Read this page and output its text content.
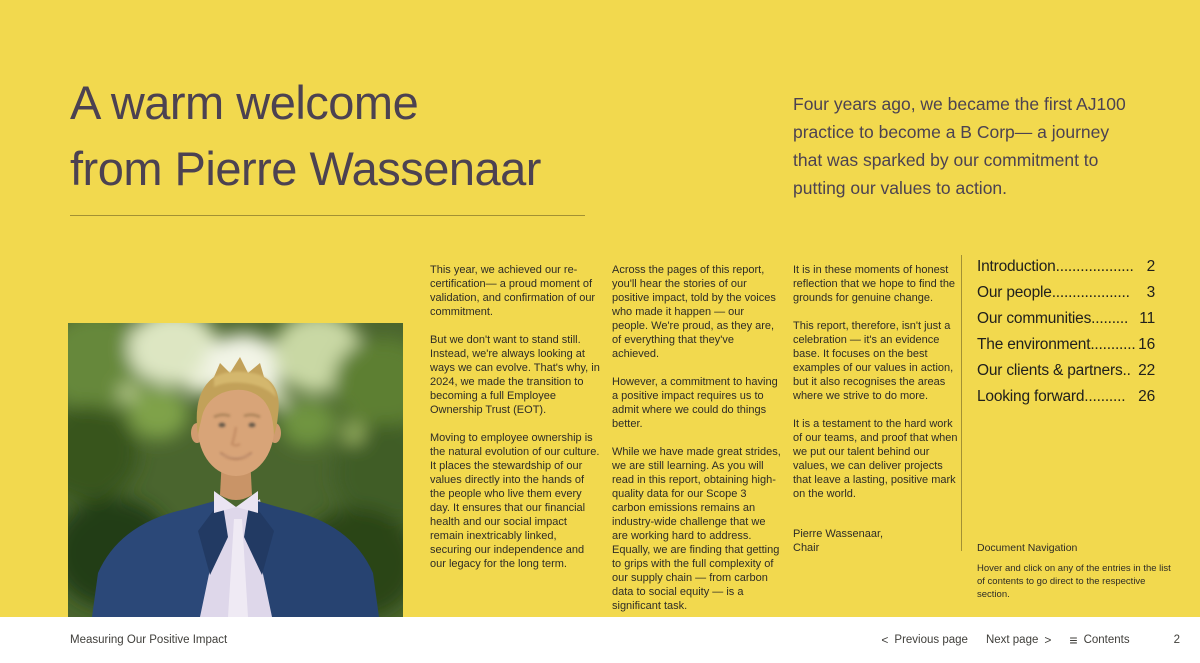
A warm welcome
from Pierre Wassenaar
Four years ago, we became the first AJ100 practice to become a B Corp— a journey that was sparked by our commitment to putting our values to action.

This year, we achieved our re-certification— a proud moment of validation, and confirmation of our commitment.

But we don't want to stand still. Instead, we're always looking at ways we can evolve. That's why, in 2024, we made the transition to becoming a full Employee Ownership Trust (EOT).

Moving to employee ownership is the natural evolution of our culture. It places the stewardship of our values directly into the hands of the people who live them every day. It ensures that our financial health and our social impact remain inextricably linked, securing our independence and our legacy for the long term.

Across the pages of this report, you'll hear the stories of our positive impact, told by the voices who made it happen — our people. We're proud, as they are, of everything that they've achieved.

However, a commitment to having a positive impact requires us to admit where we could do things better.

While we have made great strides, we are still learning. As you will read in this report, obtaining high-quality data for our Scope 3 carbon emissions remains an industry-wide challenge that we are working hard to address. Equally, we are finding that getting to grips with the full complexity of our supply chain — from carbon data to social equity — is a significant task.

It is in these moments of honest reflection that we hope to find the grounds for genuine change.

This report, therefore, isn't just a celebration — it's an evidence base. It focuses on the best examples of our values in action, but it also recognises the areas where we strive to do more.

It is a testament to the hard work of our teams, and proof that when we put our talent behind our values, we can deliver projects that leave a lasting, positive mark on the world.

Pierre Wassenaar,
Chair
Introduction ................... 2
Our people ...................	3
Our communities ......... 11
The environment ........... 16
Our clients & partners .. 22
Looking forward .......... 26
Document Navigation
Hover and click on any of the entries in the list of contents to go direct to the respective section.
Measuring Our Positive Impact	< Previous page Next page > ≡ Contents	2
